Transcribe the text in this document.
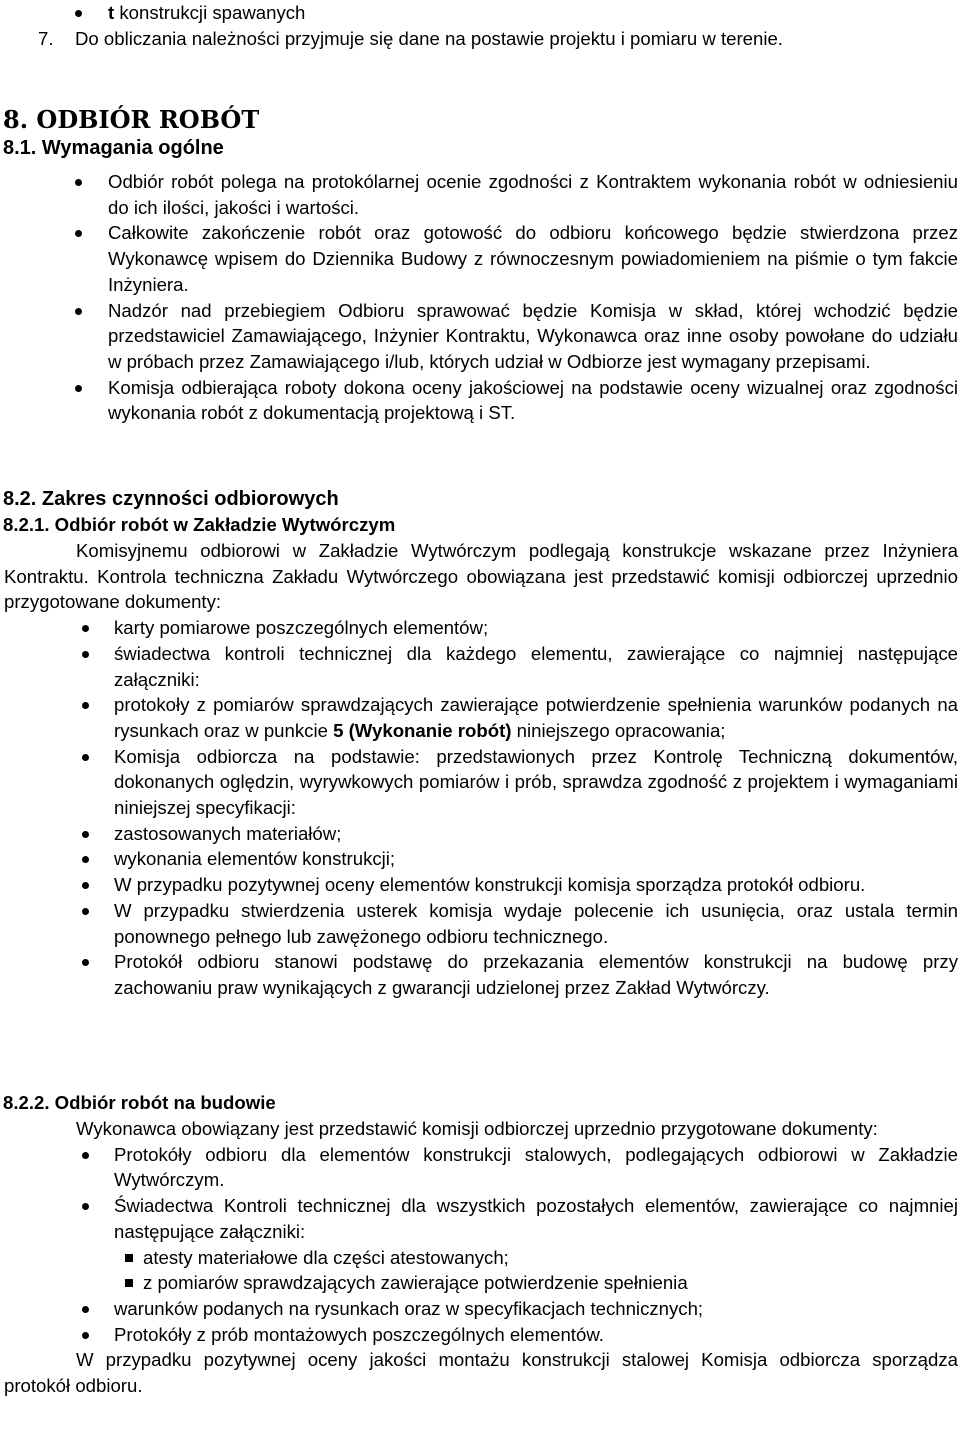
t konstrukcji spawanych

7. Do obliczania należności przyjmuje się dane na postawie projektu i pomiaru w terenie.

8. ODBIÓR ROBÓT

8.1. Wymagania ogólne

Odbiór robót polega na protokólarnej ocenie zgodności z Kontraktem wykonania robót w odniesieniu do ich ilości, jakości i wartości.

Całkowite zakończenie robót oraz gotowość do odbioru końcowego będzie stwierdzona przez Wykonawcę wpisem do Dziennika Budowy z równoczesnym powiadomieniem na piśmie o tym fakcie Inżyniera.

Nadzór nad przebiegiem Odbioru sprawować będzie Komisja w skład, której wchodzić będzie przedstawiciel Zamawiającego, Inżynier Kontraktu, Wykonawca oraz inne osoby powołane do udziału w próbach przez Zamawiającego i/lub, których udział w Odbiorze jest wymagany przepisami.

Komisja odbierająca roboty dokona oceny jakościowej na podstawie oceny wizualnej oraz zgodności wykonania robót z dokumentacją projektową i ST.

8.2. Zakres czynności odbiorowych

8.2.1. Odbiór robót w Zakładzie Wytwórczym

Komisyjnemu odbiorowi w Zakładzie Wytwórczym podlegają konstrukcje wskazane przez Inżyniera Kontraktu. Kontrola techniczna Zakładu Wytwórczego obowiązana jest przedstawić komisji odbiorczej uprzednio przygotowane dokumenty:

karty pomiarowe poszczególnych elementów;

świadectwa kontroli technicznej dla każdego elementu, zawierające co najmniej następujące załączniki:

protokoły z pomiarów sprawdzających zawierające potwierdzenie spełnienia warunków podanych na rysunkach oraz w punkcie 5 (Wykonanie robót) niniejszego opracowania;

Komisja odbiorcza na podstawie: przedstawionych przez Kontrolę Techniczną dokumentów, dokonanych oględzin, wyrywkowych pomiarów i prób, sprawdza zgodność z projektem i wymaganiami niniejszej specyfikacji:

zastosowanych materiałów;

wykonania elementów konstrukcji;

W przypadku pozytywnej oceny elementów konstrukcji komisja sporządza protokół odbioru.

W przypadku stwierdzenia usterek komisja wydaje polecenie ich usunięcia, oraz ustala termin ponownego pełnego lub zawężonego odbioru technicznego.

Protokół odbioru stanowi podstawę do przekazania elementów konstrukcji na budowę przy zachowaniu praw wynikających z gwarancji udzielonej przez Zakład Wytwórczy.

8.2.2. Odbiór robót na budowie

Wykonawca obowiązany jest przedstawić komisji odbiorczej uprzednio przygotowane dokumenty:

Protokóły odbioru dla elementów konstrukcji stalowych, podlegających odbiorowi w Zakładzie Wytwórczym.

Świadectwa Kontroli technicznej dla wszystkich pozostałych elementów, zawierające co najmniej następujące załączniki:

atesty materiałowe dla części atestowanych;

z pomiarów sprawdzających zawierające potwierdzenie spełnienia

warunków podanych na rysunkach oraz w specyfikacjach technicznych;

Protokóły z prób montażowych poszczególnych elementów.

W przypadku pozytywnej oceny jakości montażu konstrukcji stalowej Komisja odbiorcza sporządza protokół odbioru.
